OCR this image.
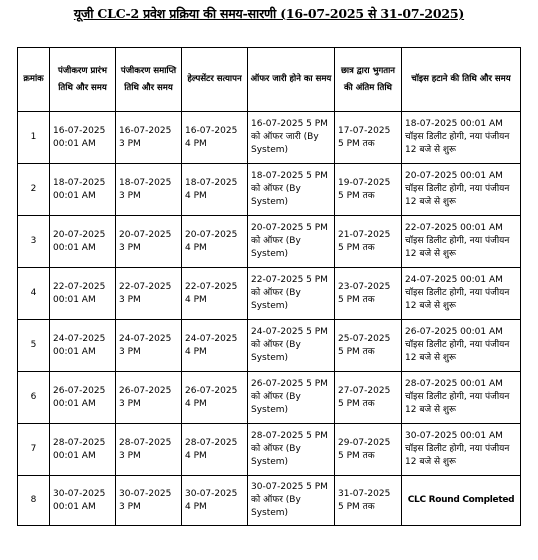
यूजी CLC-2 प्रवेश प्रक्रिया की समय-सारणी (16-07-2025 से 31-07-2025)
क्रमांक	पंजीकरण प्रारंभ तिथि और समय	पंजीकरण समाप्ति तिथि और समय	हेल्पसेंटर सत्यापन	ऑफर जारी होने का समय	छात्र द्वारा भुगतान की अंतिम तिथि	चॉइस हटाने की तिथि और समय
1	16-07-2025 00:01 AM	16-07-2025 3 PM	16-07-2025 4 PM	16-07-2025 5 PM को ऑफर जारी (By System)	17-07-2025 5 PM तक	18-07-2025 00:01 AM चॉइस डिलीट होगी, नया पंजीयन 12 बजे से शुरू
2	18-07-2025 00:01 AM	18-07-2025 3 PM	18-07-2025 4 PM	18-07-2025 5 PM को ऑफर (By System)	19-07-2025 5 PM तक	20-07-2025 00:01 AM चॉइस डिलीट होगी, नया पंजीयन 12 बजे से शुरू
3	20-07-2025 00:01 AM	20-07-2025 3 PM	20-07-2025 4 PM	20-07-2025 5 PM को ऑफर (By System)	21-07-2025 5 PM तक	22-07-2025 00:01 AM चॉइस डिलीट होगी, नया पंजीयन 12 बजे से शुरू
4	22-07-2025 00:01 AM	22-07-2025 3 PM	22-07-2025 4 PM	22-07-2025 5 PM को ऑफर (By System)	23-07-2025 5 PM तक	24-07-2025 00:01 AM चॉइस डिलीट होगी, नया पंजीयन 12 बजे से शुरू
5	24-07-2025 00:01 AM	24-07-2025 3 PM	24-07-2025 4 PM	24-07-2025 5 PM को ऑफर (By System)	25-07-2025 5 PM तक	26-07-2025 00:01 AM चॉइस डिलीट होगी, नया पंजीयन 12 बजे से शुरू
6	26-07-2025 00:01 AM	26-07-2025 3 PM	26-07-2025 4 PM	26-07-2025 5 PM को ऑफर (By System)	27-07-2025 5 PM तक	28-07-2025 00:01 AM चॉइस डिलीट होगी, नया पंजीयन 12 बजे से शुरू
7	28-07-2025 00:01 AM	28-07-2025 3 PM	28-07-2025 4 PM	28-07-2025 5 PM को ऑफर (By System)	29-07-2025 5 PM तक	30-07-2025 00:01 AM चॉइस डिलीट होगी, नया पंजीयन 12 बजे से शुरू
8	30-07-2025 00:01 AM	30-07-2025 3 PM	30-07-2025 4 PM	30-07-2025 5 PM को ऑफर (By System)	31-07-2025 5 PM तक	CLC Round Completed
